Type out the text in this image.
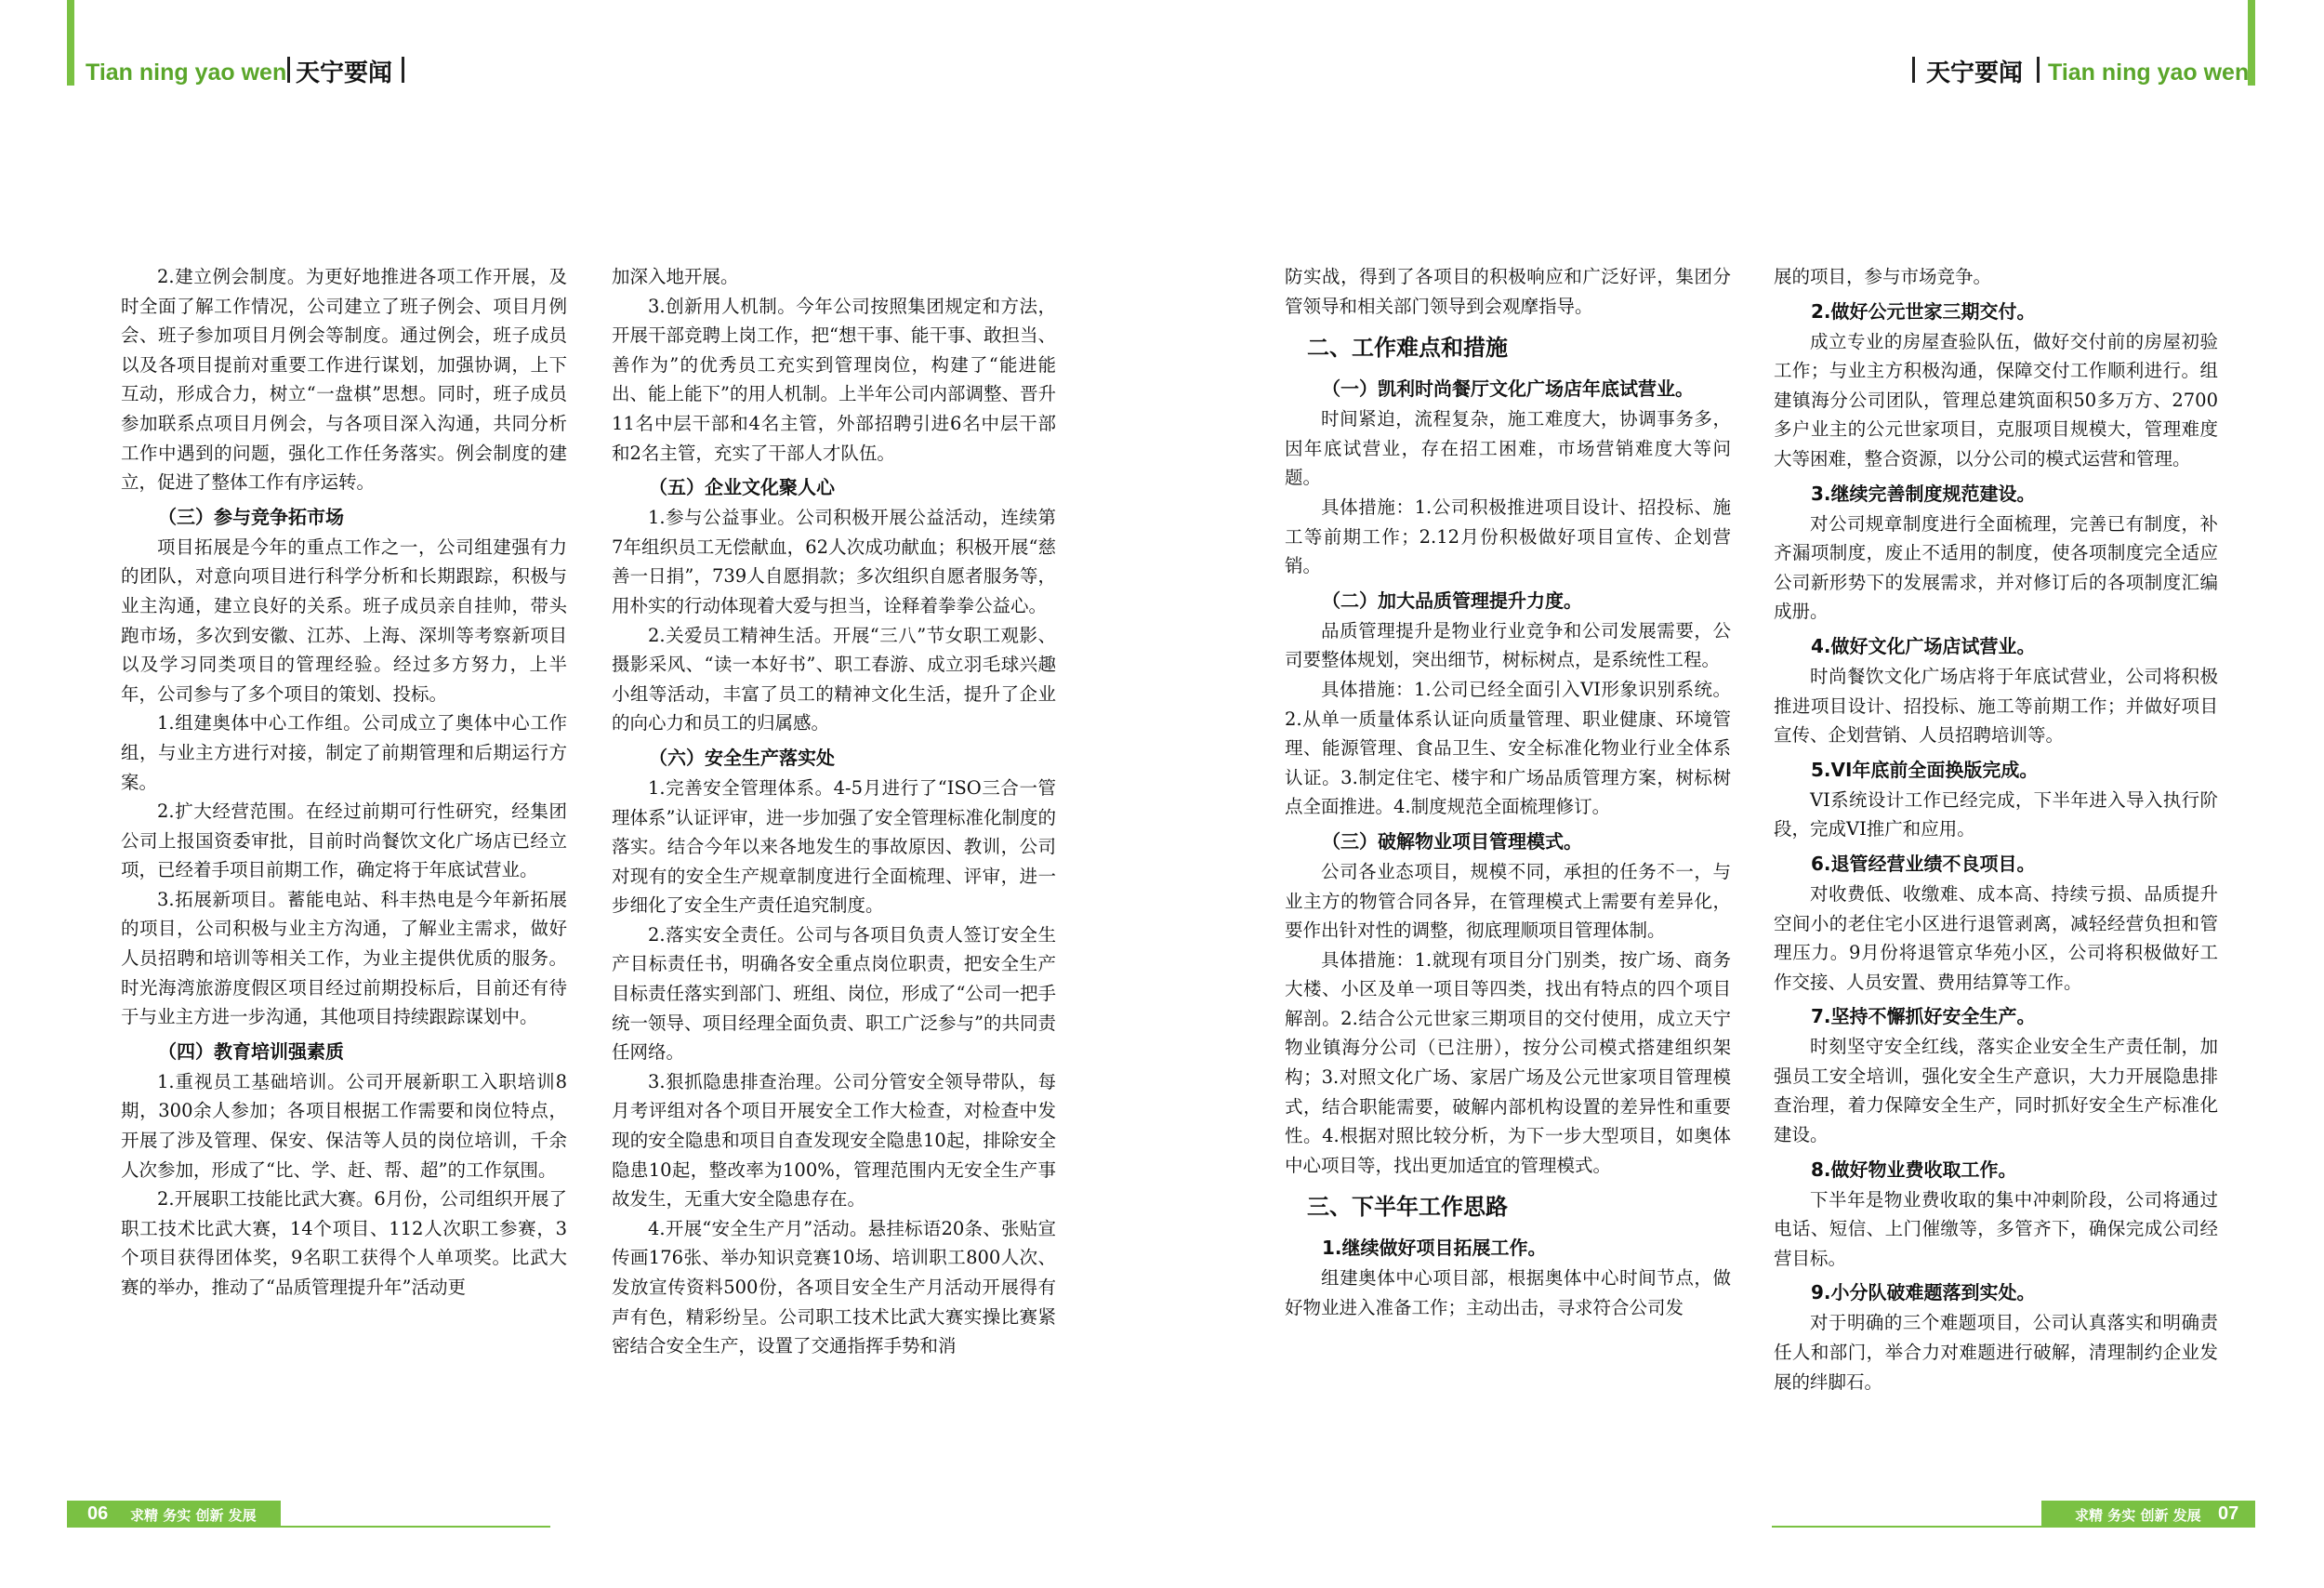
Tian ning yao wen 天宁要闻	天宁要闻 Tian ning yao wen

2.建立例会制度。为更好地推进各项工作开展，及时全面了解工作情况，公司建立了班子例会、项目月例会、班子参加项目月例会等制度。通过例会，班子成员以及各项目提前对重要工作进行谋划，加强协调，上下互动，形成合力，树立“一盘棋”思想。同时，班子成员参加联系点项目月例会，与各项目深入沟通，共同分析工作中遇到的问题，强化工作任务落实。例会制度的建立，促进了整体工作有序运转。

（三）参与竞争拓市场

项目拓展是今年的重点工作之一，公司组建强有力的团队，对意向项目进行科学分析和长期跟踪，积极与业主沟通，建立良好的关系。班子成员亲自挂帅，带头跑市场，多次到安徽、江苏、上海、深圳等考察新项目以及学习同类项目的管理经验。经过多方努力，上半年，公司参与了多个项目的策划、投标。

1.组建奥体中心工作组。公司成立了奥体中心工作组，与业主方进行对接，制定了前期管理和后期运行方案。

2.扩大经营范围。在经过前期可行性研究，经集团公司上报国资委审批，目前时尚餐饮文化广场店已经立项，已经着手项目前期工作，确定将于年底试营业。

3.拓展新项目。蓄能电站、科丰热电是今年新拓展的项目，公司积极与业主方沟通，了解业主需求，做好人员招聘和培训等相关工作，为业主提供优质的服务。时光海湾旅游度假区项目经过前期投标后，目前还有待于与业主方进一步沟通，其他项目持续跟踪谋划中。

（四）教育培训强素质

1.重视员工基础培训。公司开展新职工入职培训8期，300余人参加；各项目根据工作需要和岗位特点，开展了涉及管理、保安、保洁等人员的岗位培训，千余人次参加，形成了“比、学、赶、帮、超”的工作氛围。

2.开展职工技能比武大赛。6月份，公司组织开展了职工技术比武大赛，14个项目、112人次职工参赛，3个项目获得团体奖，9名职工获得个人单项奖。比武大赛的举办，推动了“品质管理提升年”活动更

加深入地开展。

3.创新用人机制。今年公司按照集团规定和方法，开展干部竞聘上岗工作，把“想干事、能干事、敢担当、善作为”的优秀员工充实到管理岗位，构建了“能进能出、能上能下”的用人机制。上半年公司内部调整、晋升11名中层干部和4名主管，外部招聘引进6名中层干部和2名主管，充实了干部人才队伍。

（五）企业文化聚人心

1.参与公益事业。公司积极开展公益活动，连续第7年组织员工无偿献血，62人次成功献血；积极开展“慈善一日捐”，739人自愿捐款；多次组织自愿者服务等，用朴实的行动体现着大爱与担当，诠释着拳拳公益心。

2.关爱员工精神生活。开展“三八”节女职工观影、摄影采风、“读一本好书”、职工春游、成立羽毛球兴趣小组等活动，丰富了员工的精神文化生活，提升了企业的向心力和员工的归属感。

（六）安全生产落实处

1.完善安全管理体系。4-5月进行了“ISO三合一管理体系”认证评审，进一步加强了安全管理标准化制度的落实。结合今年以来各地发生的事故原因、教训，公司对现有的安全生产规章制度进行全面梳理、评审，进一步细化了安全生产责任追究制度。

2.落实安全责任。公司与各项目负责人签订安全生产目标责任书，明确各安全重点岗位职责，把安全生产目标责任落实到部门、班组、岗位，形成了“公司一把手统一领导、项目经理全面负责、职工广泛参与”的共同责任网络。

3.狠抓隐患排查治理。公司分管安全领导带队，每月考评组对各个项目开展安全工作大检查，对检查中发现的安全隐患和项目自查发现安全隐患10起，排除安全隐患10起，整改率为100%，管理范围内无安全生产事故发生，无重大安全隐患存在。

4.开展“安全生产月”活动。悬挂标语20条、张贴宣传画176张、举办知识竞赛10场、培训职工800人次、发放宣传资料500份，各项目安全生产月活动开展得有声有色，精彩纷呈。公司职工技术比武大赛实操比赛紧密结合安全生产，设置了交通指挥手势和消

防实战，得到了各项目的积极响应和广泛好评，集团分管领导和相关部门领导到会观摩指导。

二、工作难点和措施
（一）凯利时尚餐厅文化广场店年底试营业。

时间紧迫，流程复杂，施工难度大，协调事务多，因年底试营业，存在招工困难，市场营销难度大等问题。

具体措施：1.公司积极推进项目设计、招投标、施工等前期工作；2.12月份积极做好项目宣传、企划营销。

（二）加大品质管理提升力度。

品质管理提升是物业行业竞争和公司发展需要，公司要整体规划，突出细节，树标树点，是系统性工程。

具体措施：1.公司已经全面引入VI形象识别系统。2.从单一质量体系认证向质量管理、职业健康、环境管理、能源管理、食品卫生、安全标准化物业行业全体系认证。3.制定住宅、楼宇和广场品质管理方案，树标树点全面推进。4.制度规范全面梳理修订。

（三）破解物业项目管理模式。

公司各业态项目，规模不同，承担的任务不一，与业主方的物管合同各异，在管理模式上需要有差异化，要作出针对性的调整，彻底理顺项目管理体制。

具体措施：1.就现有项目分门别类，按广场、商务大楼、小区及单一项目等四类，找出有特点的四个项目解剖。2.结合公元世家三期项目的交付使用，成立天宁物业镇海分公司（已注册），按分公司模式搭建组织架构；3.对照文化广场、家居广场及公元世家项目管理模式，结合职能需要，破解内部机构设置的差异性和重要性。4.根据对照比较分析，为下一步大型项目，如奥体中心项目等，找出更加适宜的管理模式。

三、下半年工作思路
1.继续做好项目拓展工作。

组建奥体中心项目部，根据奥体中心时间节点，做好物业进入准备工作；主动出击，寻求符合公司发

展的项目，参与市场竞争。

2.做好公元世家三期交付。

成立专业的房屋查验队伍，做好交付前的房屋初验工作；与业主方积极沟通，保障交付工作顺利进行。组建镇海分公司团队，管理总建筑面积50多万方、2700多户业主的公元世家项目，克服项目规模大，管理难度大等困难，整合资源，以分公司的模式运营和管理。

3.继续完善制度规范建设。

对公司规章制度进行全面梳理，完善已有制度，补齐漏项制度，废止不适用的制度，使各项制度完全适应公司新形势下的发展需求，并对修订后的各项制度汇编成册。

4.做好文化广场店试营业。

时尚餐饮文化广场店将于年底试营业，公司将积极推进项目设计、招投标、施工等前期工作；并做好项目宣传、企划营销、人员招聘培训等。

5.VI年底前全面换版完成。

VI系统设计工作已经完成，下半年进入导入执行阶段，完成VI推广和应用。

6.退管经营业绩不良项目。

对收费低、收缴难、成本高、持续亏损、品质提升空间小的老住宅小区进行退管剥离，减轻经营负担和管理压力。9月份将退管京华苑小区，公司将积极做好工作交接、人员安置、费用结算等工作。

7.坚持不懈抓好安全生产。

时刻坚守安全红线，落实企业安全生产责任制，加强员工安全培训，强化安全生产意识，大力开展隐患排查治理，着力保障安全生产，同时抓好安全生产标准化建设。

8.做好物业费收取工作。

下半年是物业费收取的集中冲刺阶段，公司将通过电话、短信、上门催缴等，多管齐下，确保完成公司经营目标。

9.小分队破难题落到实处。

对于明确的三个难题项目，公司认真落实和明确责任人和部门，举合力对难题进行破解，清理制约企业发展的绊脚石。

06 求精 务实 创新 发展	求精 务实 创新 发展 07
